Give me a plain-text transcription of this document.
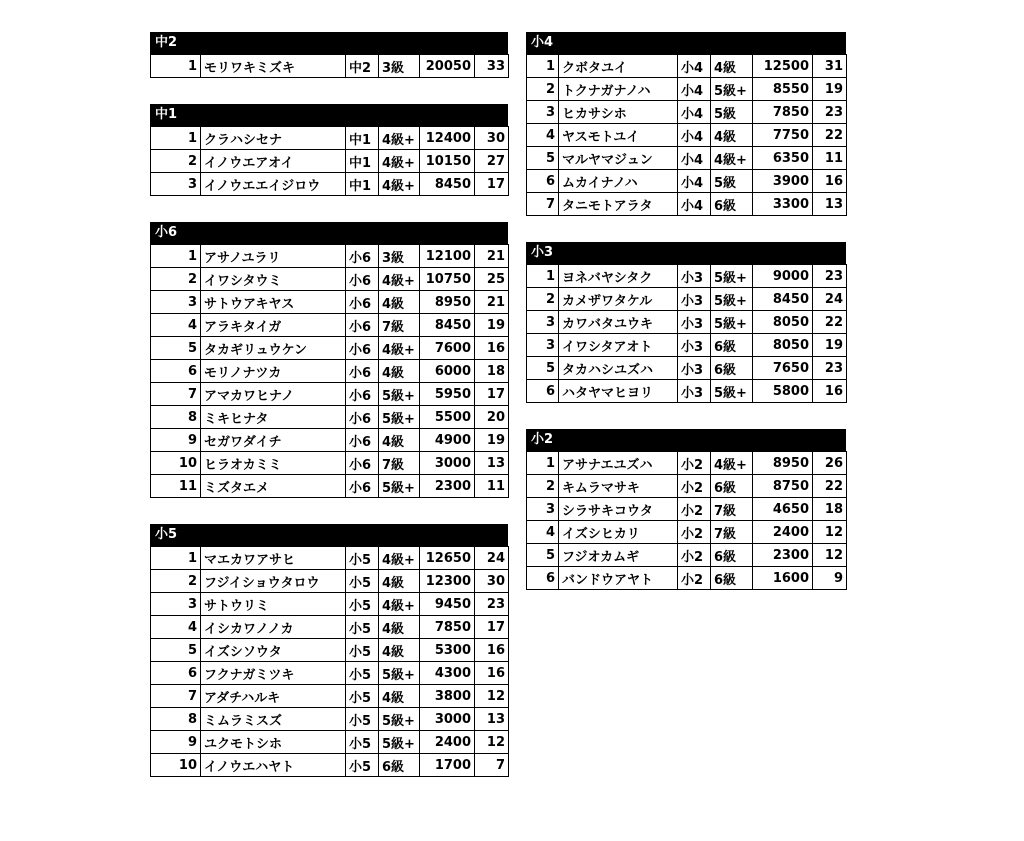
中2
1	モリワキミズキ	中2	3級	20050	33
中1
1	クラハシセナ	中1	4級+	12400	30
2	イノウエアオイ	中1	4級+	10150	27
3	イノウエエイジロウ	中1	4級+	8450	17
小6
1	アサノユラリ	小6	3級	12100	21
2	イワシタウミ	小6	4級+	10750	25
3	サトウアキヤス	小6	4級	8950	21
4	アラキタイガ	小6	7級	8450	19
5	タカギリュウケン	小6	4級+	7600	16
6	モリノナツカ	小6	4級	6000	18
7	アマカワヒナノ	小6	5級+	5950	17
8	ミキヒナタ	小6	5級+	5500	20
9	セガワダイチ	小6	4級	4900	19
10	ヒラオカミミ	小6	7級	3000	13
11	ミズタエメ	小6	5級+	2300	11
小5
1	マエカワアサヒ	小5	4級+	12650	24
2	フジイショウタロウ	小5	4級	12300	30
3	サトウリミ	小5	4級+	9450	23
4	イシカワノノカ	小5	4級	7850	17
5	イズシソウタ	小5	4級	5300	16
6	フクナガミツキ	小5	5級+	4300	16
7	アダチハルキ	小5	4級	3800	12
8	ミムラミスズ	小5	5級+	3000	13
9	ユクモトシホ	小5	5級+	2400	12
10	イノウエハヤト	小5	6級	1700	7
小4
1	クボタユイ	小4	4級	12500	31
2	トクナガナノハ	小4	5級+	8550	19
3	ヒカサシホ	小4	5級	7850	23
4	ヤスモトユイ	小4	4級	7750	22
5	マルヤマジュン	小4	4級+	6350	11
6	ムカイナノハ	小4	5級	3900	16
7	タニモトアラタ	小4	6級	3300	13
小3
1	ヨネバヤシタク	小3	5級+	9000	23
2	カメザワタケル	小3	5級+	8450	24
3	カワバタユウキ	小3	5級+	8050	22
3	イワシタアオト	小3	6級	8050	19
5	タカハシユズハ	小3	6級	7650	23
6	ハタヤマヒヨリ	小3	5級+	5800	16
小2
1	アサナエユズハ	小2	4級+	8950	26
2	キムラマサキ	小2	6級	8750	22
3	シラサキコウタ	小2	7級	4650	18
4	イズシヒカリ	小2	7級	2400	12
5	フジオカムギ	小2	6級	2300	12
6	バンドウアヤト	小2	6級	1600	9
